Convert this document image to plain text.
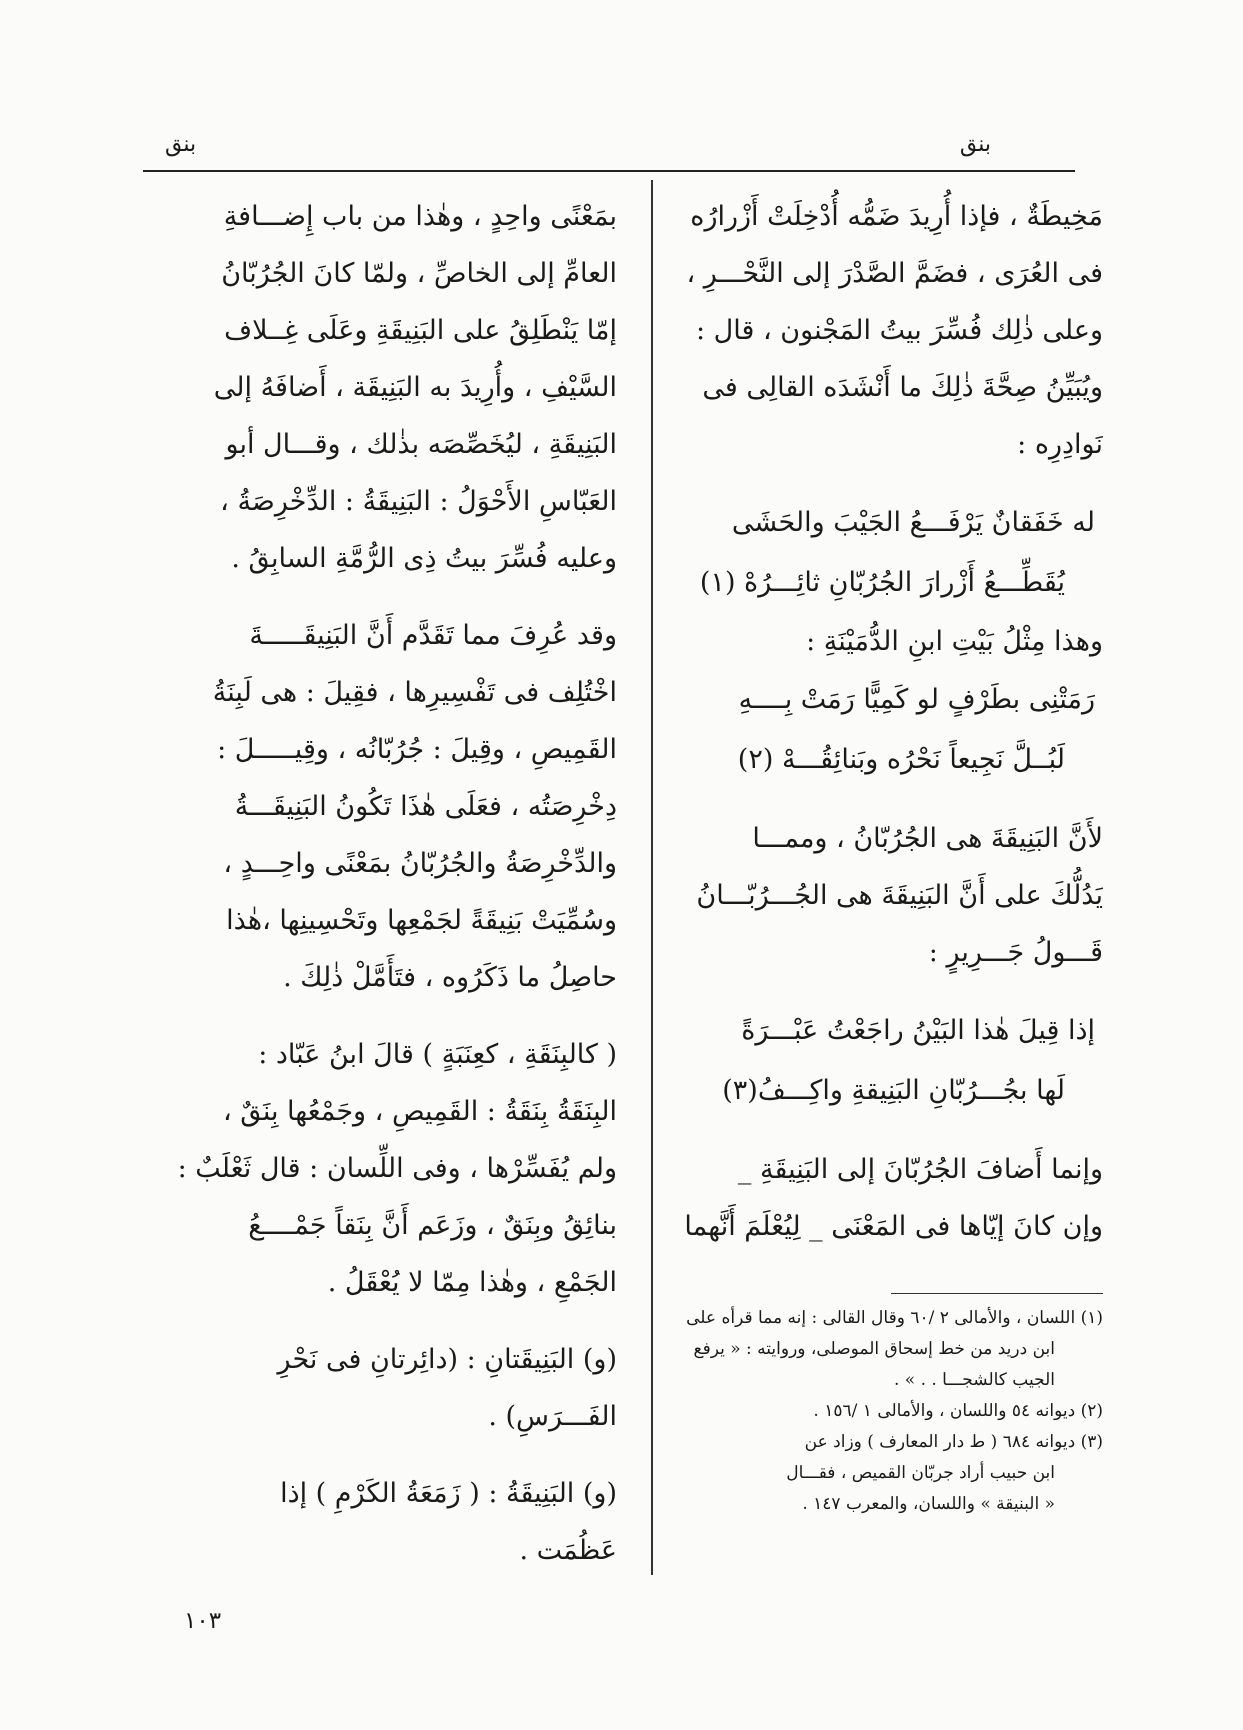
بنق
بنق
مَخِيطَةٌ ، فإذا أُرِيدَ ضَمُّه أُدْخِلَتْ أَزْرارُه
فى العُرَى ، فضَمَّ الصَّدْرَ إلى النَّحْـــرِ ،
وعلى ذٰلِك فُسِّرَ بيتُ المَجْنون ، قال :
ويُبَيِّنُ صِحَّةَ ذٰلِكَ ما أَنْشَدَه القالِى فى
نَوادِرِه :
له خَفَقانٌ يَرْفَـــعُ الجَيْبَ والحَشَى
يُقَطِّـــعُ أَزْرارَ الجُرُبّانِ ثائِـــرُهْ (١)
وهذا مِثْلُ بَيْتِ ابنِ الدُّمَيْنَةِ :
رَمَتْنِى بطَرْفٍ لو كَمِيًّا رَمَتْ بِــــهِ
لَبُــلَّ نَجِيعاً نَحْرُه وبَنائِقُـــهْ (٢)
لأَنَّ البَنِيقَةَ هى الجُرُبّانُ ، وممـــا
يَدُلُّكَ على أَنَّ البَنِيقَةَ هى الجُـــرُبّـــانُ
قَـــولُ جَـــرِيرٍ :
إذا قِيلَ هٰذا البَيْنُ راجَعْتُ عَبْـــرَةً
لَها بجُـــرُبّانِ البَنِيقةِ واكِـــفُ(٣)
وإنما أَضافَ الجُرُبّانَ إلى البَنِيقَةِ _
وإن كانَ إيّاها فى المَعْنَى _ لِيُعْلَمَ أَنَّهما
(١) اللسان ، والأمالى ٢ /٦٠ وقال القالى : إنه مما قرأه على
ابن دريد من خط إسحاق الموصلى، وروايته : « يرفع
الجيب كالشجـــا . . » .
(٢) ديوانه ٥٤ واللسان ، والأمالى ١ /١٥٦ .
(٣) ديوانه ٦٨٤ ( ط دار المعارف ) وزاد عن
ابن حبيب أراد جربّان القميص ، فقـــال
« البنيقة » واللسان، والمعرب ١٤٧ .
بمَعْنًى واحِدٍ ، وهٰذا من باب إِضـــافةِ
العامِّ إلى الخاصِّ ، ولمّا كانَ الجُرُبّانُ
إمّا يَنْطَلِقُ على البَنِيقَةِ وعَلَى غِــلاف
السَّيْفِ ، وأُرِيدَ به البَنِيقَة ، أَضافَهُ إلى
البَنِيقَةِ ، ليُخَصِّصَه بذٰلك ، وقـــال أبو
العَبّاسِ الأَحْوَلُ : البَنِيقَةُ : الدِّخْرِصَةُ ،
وعليه فُسِّرَ بيتُ ذِى الرُّمَّةِ السابِقُ .
وقد عُرِفَ مما تَقَدَّم أَنَّ البَنِيقَـــــةَ
اخْتُلِف فى تَفْسِيرِها ، فقِيلَ : هى لَبِنَةُ
القَمِيصِ ، وقِيلَ : جُرُبّانُه ، وقِيـــــلَ :
دِخْرِصَتُه ، فعَلَى هٰذَا تَكُونُ البَنِيقَـــةُ
والدِّخْرِصَةُ والجُرُبّانُ بمَعْنًى واحِـــدٍ ،
وسُمِّيَتْ بَنِيقَةً لجَمْعِها وتَحْسِينِها ،هٰذا
حاصِلُ ما ذَكَرُوه ، فتَأَمَّلْ ذٰلِكَ .
( كالبِنَقَةِ ، كعِنَبَةٍ ) قالَ ابنُ عَبّاد :
البِنَقَةُ بِنَقَةُ : القَمِيصِ ، وجَمْعُها بِنَقٌ ،
ولم يُفَسِّرْها ، وفى اللِّسان : قال ثَعْلَبٌ :
بنائِقُ وبِنَقٌ ، وزَعَم أَنَّ بِنَقاً جَمْــــعُ
الجَمْعِ ، وهٰذا مِمّا لا يُعْقَلُ .
(و) البَنِيقَتانِ : (دائِرتانِ فى نَحْرِ
الفَـــرَسِ) .
(و) البَنِيقَةُ : ( زَمَعَةُ الكَرْمِ ) إذا
عَظُمَت .
١٠٣
